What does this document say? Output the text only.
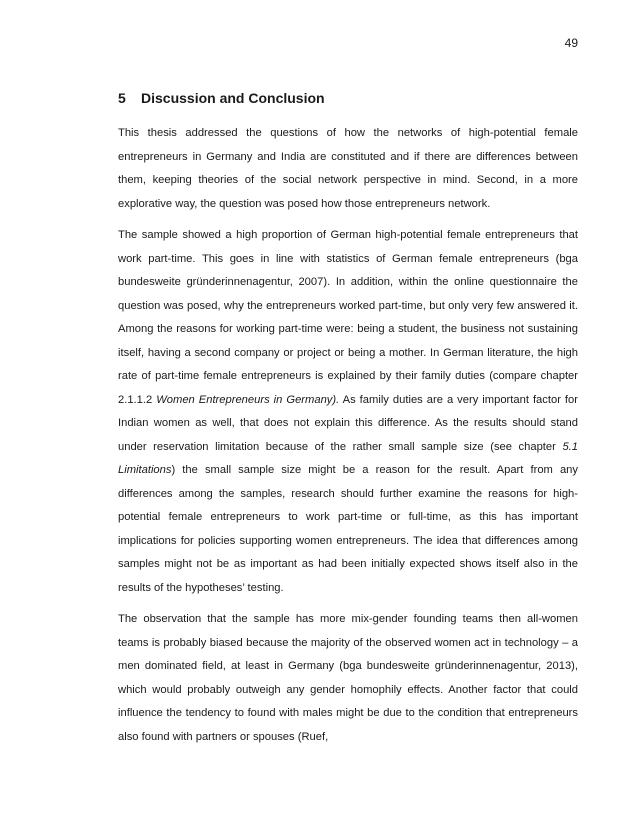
49
5 Discussion and Conclusion

This thesis addressed the questions of how the networks of high-potential female entrepreneurs in Germany and India are constituted and if there are differences between them, keeping theories of the social network perspective in mind. Second, in a more explorative way, the question was posed how those entrepreneurs network.

The sample showed a high proportion of German high-potential female entrepreneurs that work part-time. This goes in line with statistics of German female entrepreneurs (bga bundesweite gründerinnenagentur, 2007). In addition, within the online questionnaire the question was posed, why the entrepreneurs worked part-time, but only very few answered it. Among the reasons for working part-time were: being a student, the business not sustaining itself, having a second company or project or being a mother. In German literature, the high rate of part-time female entrepreneurs is explained by their family duties (compare chapter 2.1.1.2 Women Entrepreneurs in Germany). As family duties are a very important factor for Indian women as well, that does not explain this difference. As the results should stand under reservation limitation because of the rather small sample size (see chapter 5.1 Limitations) the small sample size might be a reason for the result. Apart from any differences among the samples, research should further examine the reasons for high-potential female entrepreneurs to work part-time or full-time, as this has important implications for policies supporting women entrepreneurs. The idea that differences among samples might not be as important as had been initially expected shows itself also in the results of the hypotheses’ testing.

The observation that the sample has more mix-gender founding teams then all-women teams is probably biased because the majority of the observed women act in technology – a men dominated field, at least in Germany (bga bundesweite gründerinnenagentur, 2013), which would probably outweigh any gender homophily effects. Another factor that could influence the tendency to found with males might be due to the condition that entrepreneurs also found with partners or spouses (Ruef,
